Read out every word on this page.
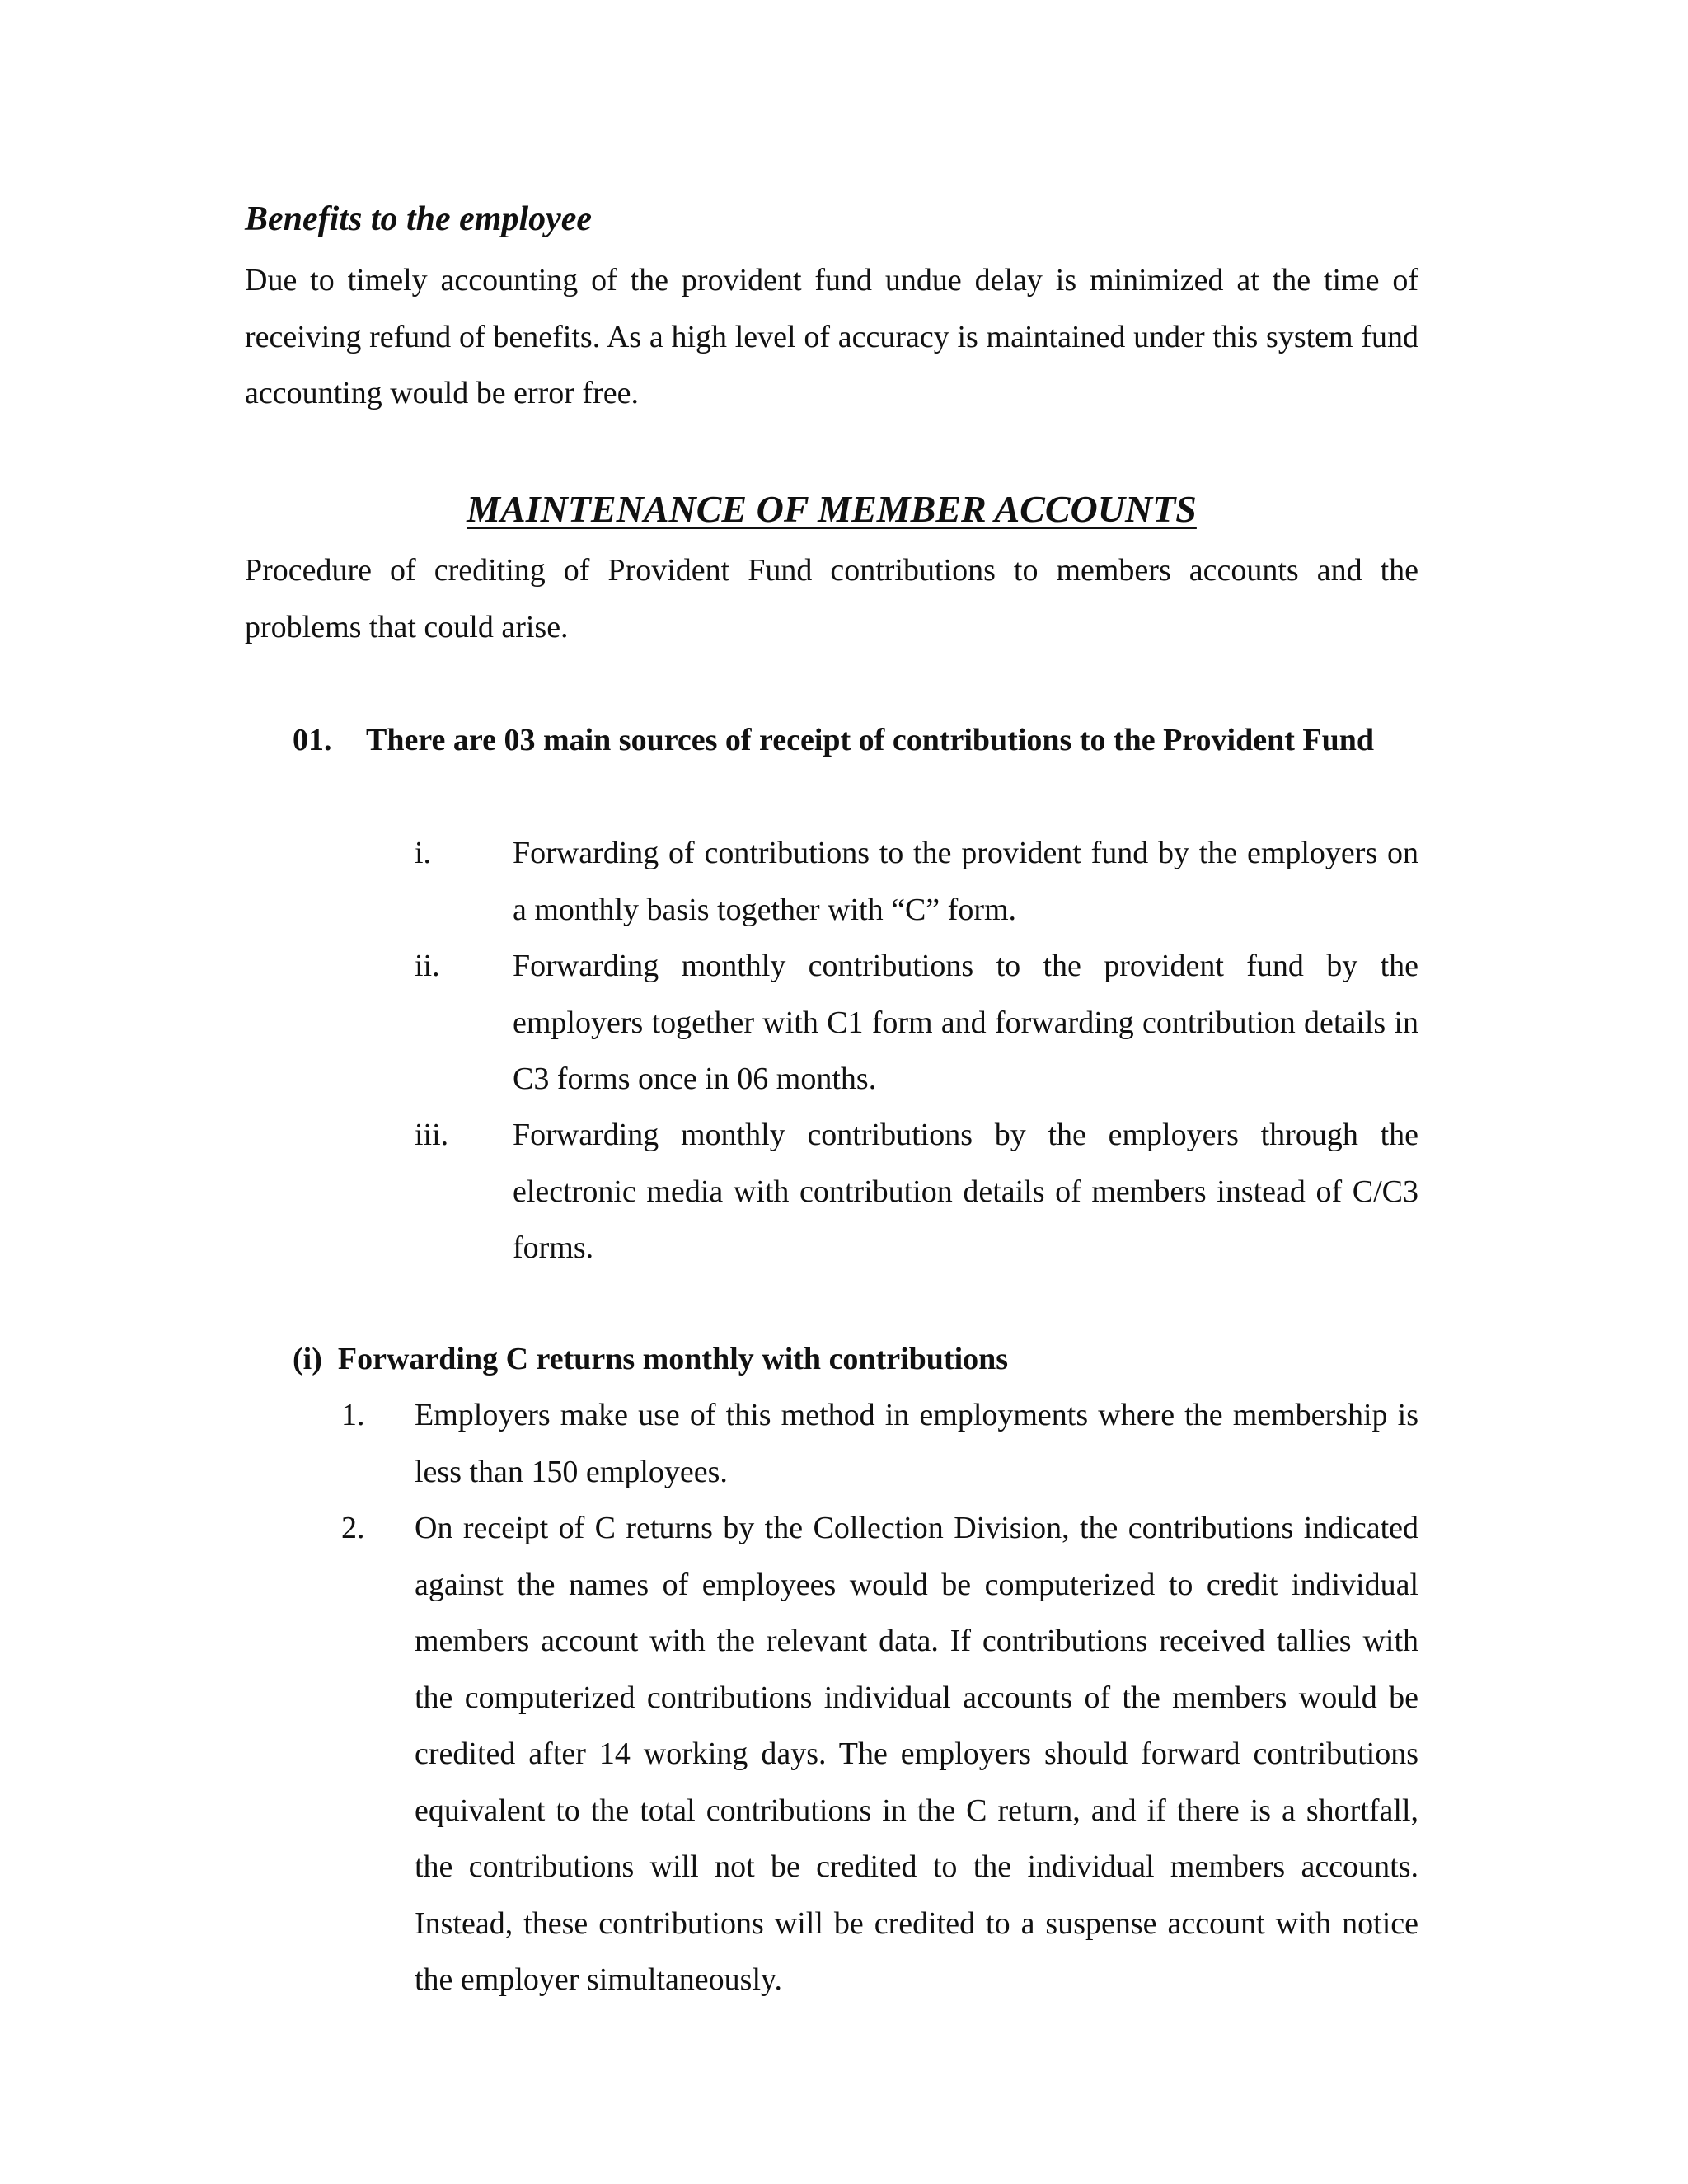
Benefits to the employee

Due to timely accounting of the provident fund undue delay is minimized at the time of receiving refund of benefits. As a high level of accuracy is maintained under this system fund accounting would be error free.

MAINTENANCE OF MEMBER ACCOUNTS

Procedure of crediting of Provident Fund contributions to members accounts and the problems that could arise.

01. There are 03 main sources of receipt of contributions to the Provident Fund

i.	Forwarding of contributions to the provident fund by the employers on a monthly basis together with “C” form.

ii. Forwarding monthly contributions to the provident fund by the employers together with C1 form and forwarding contribution details in C3 forms once in 06 months.

iii. Forwarding monthly contributions by the employers through the electronic media with contribution details of members instead of C/C3 forms.

(i)  Forwarding C returns monthly with contributions
1. Employers make use of this method in employments where the membership is less than 150 employees.

2. On receipt of C returns by the Collection Division, the contributions indicated against the names of employees would be computerized to credit individual members account with the relevant data. If contributions received tallies with the computerized contributions individual accounts of the members would be credited after 14 working days. The employers should forward contributions equivalent to the total contributions in the C return, and if there is a shortfall, the contributions will not be credited to the individual members accounts. Instead, these contributions will be credited to a suspense account with notice the employer simultaneously.
